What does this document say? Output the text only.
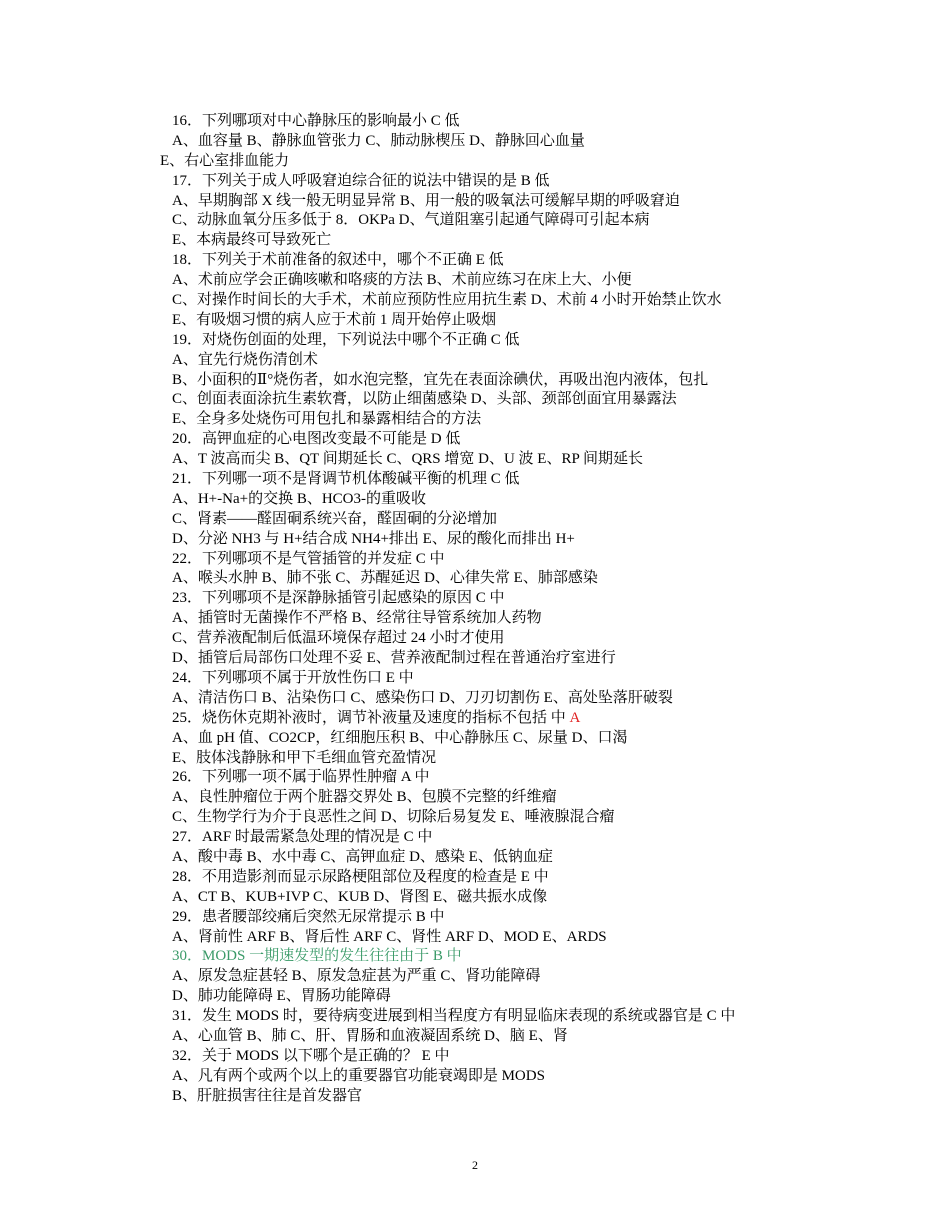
16．下列哪项对中心静脉压的影响最小 C 低
A、血容量 B、静脉血管张力 C、肺动脉楔压 D、静脉回心血量
E、右心室排血能力
17．下列关于成人呼吸窘迫综合征的说法中错误的是 B 低
A、早期胸部 X 线一般无明显异常 B、用一般的吸氧法可缓解早期的呼吸窘迫
C、动脉血氧分压多低于 8．OKPa D、气道阻塞引起通气障碍可引起本病
E、本病最终可导致死亡
18．下列关于术前准备的叙述中，哪个不正确 E 低
A、术前应学会正确咳嗽和咯痰的方法 B、术前应练习在床上大、小便
C、对操作时间长的大手术，术前应预防性应用抗生素 D、术前 4 小时开始禁止饮水
E、有吸烟习惯的病人应于术前 1 周开始停止吸烟
19．对烧伤创面的处理，下列说法中哪个不正确 C 低
A、宜先行烧伤清创术
B、小面积的Ⅱ°烧伤者，如水泡完整，宜先在表面涂碘伏，再吸出泡内液体，包扎
C、创面表面涂抗生素软膏，以防止细菌感染 D、头部、颈部创面宜用暴露法
E、全身多处烧伤可用包扎和暴露相结合的方法
20．高钾血症的心电图改变最不可能是 D 低
A、T 波高而尖 B、QT 间期延长 C、QRS 增宽 D、U 波 E、RP 间期延长
21．下列哪一项不是肾调节机体酸碱平衡的机理 C 低
A、H+-Na+的交换 B、HCO3-的重吸收
C、肾素——醛固硐系统兴奋，醛固硐的分泌增加
D、分泌 NH3 与 H+结合成 NH4+排出 E、尿的酸化而排出 H+
22．下列哪项不是气管插管的并发症 C 中
A、喉头水肿 B、肺不张 C、苏醒延迟 D、心律失常 E、肺部感染
23．下列哪项不是深静脉插管引起感染的原因 C 中
A、插管时无菌操作不严格 B、经常往导管系统加人药物
C、营养液配制后低温环境保存超过 24 小时才使用
D、插管后局部伤口处理不妥 E、营养液配制过程在普通治疗室进行
24．下列哪项不属于开放性伤口 E 中
A、清洁伤口 B、沾染伤口 C、感染伤口 D、刀刃切割伤 E、高处坠落肝破裂
25．烧伤休克期补液时，调节补液量及速度的指标不包括 中 A
A、血 pH 值、CO2CP，红细胞压积 B、中心静脉压 C、尿量 D、口渴
E、肢体浅静脉和甲下毛细血管充盈情况
26．下列哪一项不属于临界性肿瘤 A 中
A、良性肿瘤位于两个脏器交界处 B、包膜不完整的纤维瘤
C、生物学行为介于良恶性之间 D、切除后易复发 E、唾液腺混合瘤
27．ARF 时最需紧急处理的情况是 C 中
A、酸中毒 B、水中毒 C、高钾血症 D、感染 E、低钠血症
28．不用造影剂而显示尿路梗阻部位及程度的检查是 E 中
A、CT B、KUB+IVP C、KUB D、肾图 E、磁共振水成像
29．患者腰部绞痛后突然无尿常提示 B 中
A、肾前性 ARF B、肾后性 ARF C、肾性 ARF D、MOD E、ARDS
30．MODS 一期速发型的发生往往由于 B 中
A、原发急症甚轻 B、原发急症甚为严重 C、肾功能障碍
D、肺功能障碍 E、胃肠功能障碍
31．发生 MODS 时，要待病变进展到相当程度方有明显临床表现的系统或器官是 C 中
A、心血管 B、肺 C、肝、胃肠和血液凝固系统 D、脑 E、肾
32．关于 MODS 以下哪个是正确的？ E 中
A、凡有两个或两个以上的重要器官功能衰竭即是 MODS
B、肝脏损害往往是首发器官
2
